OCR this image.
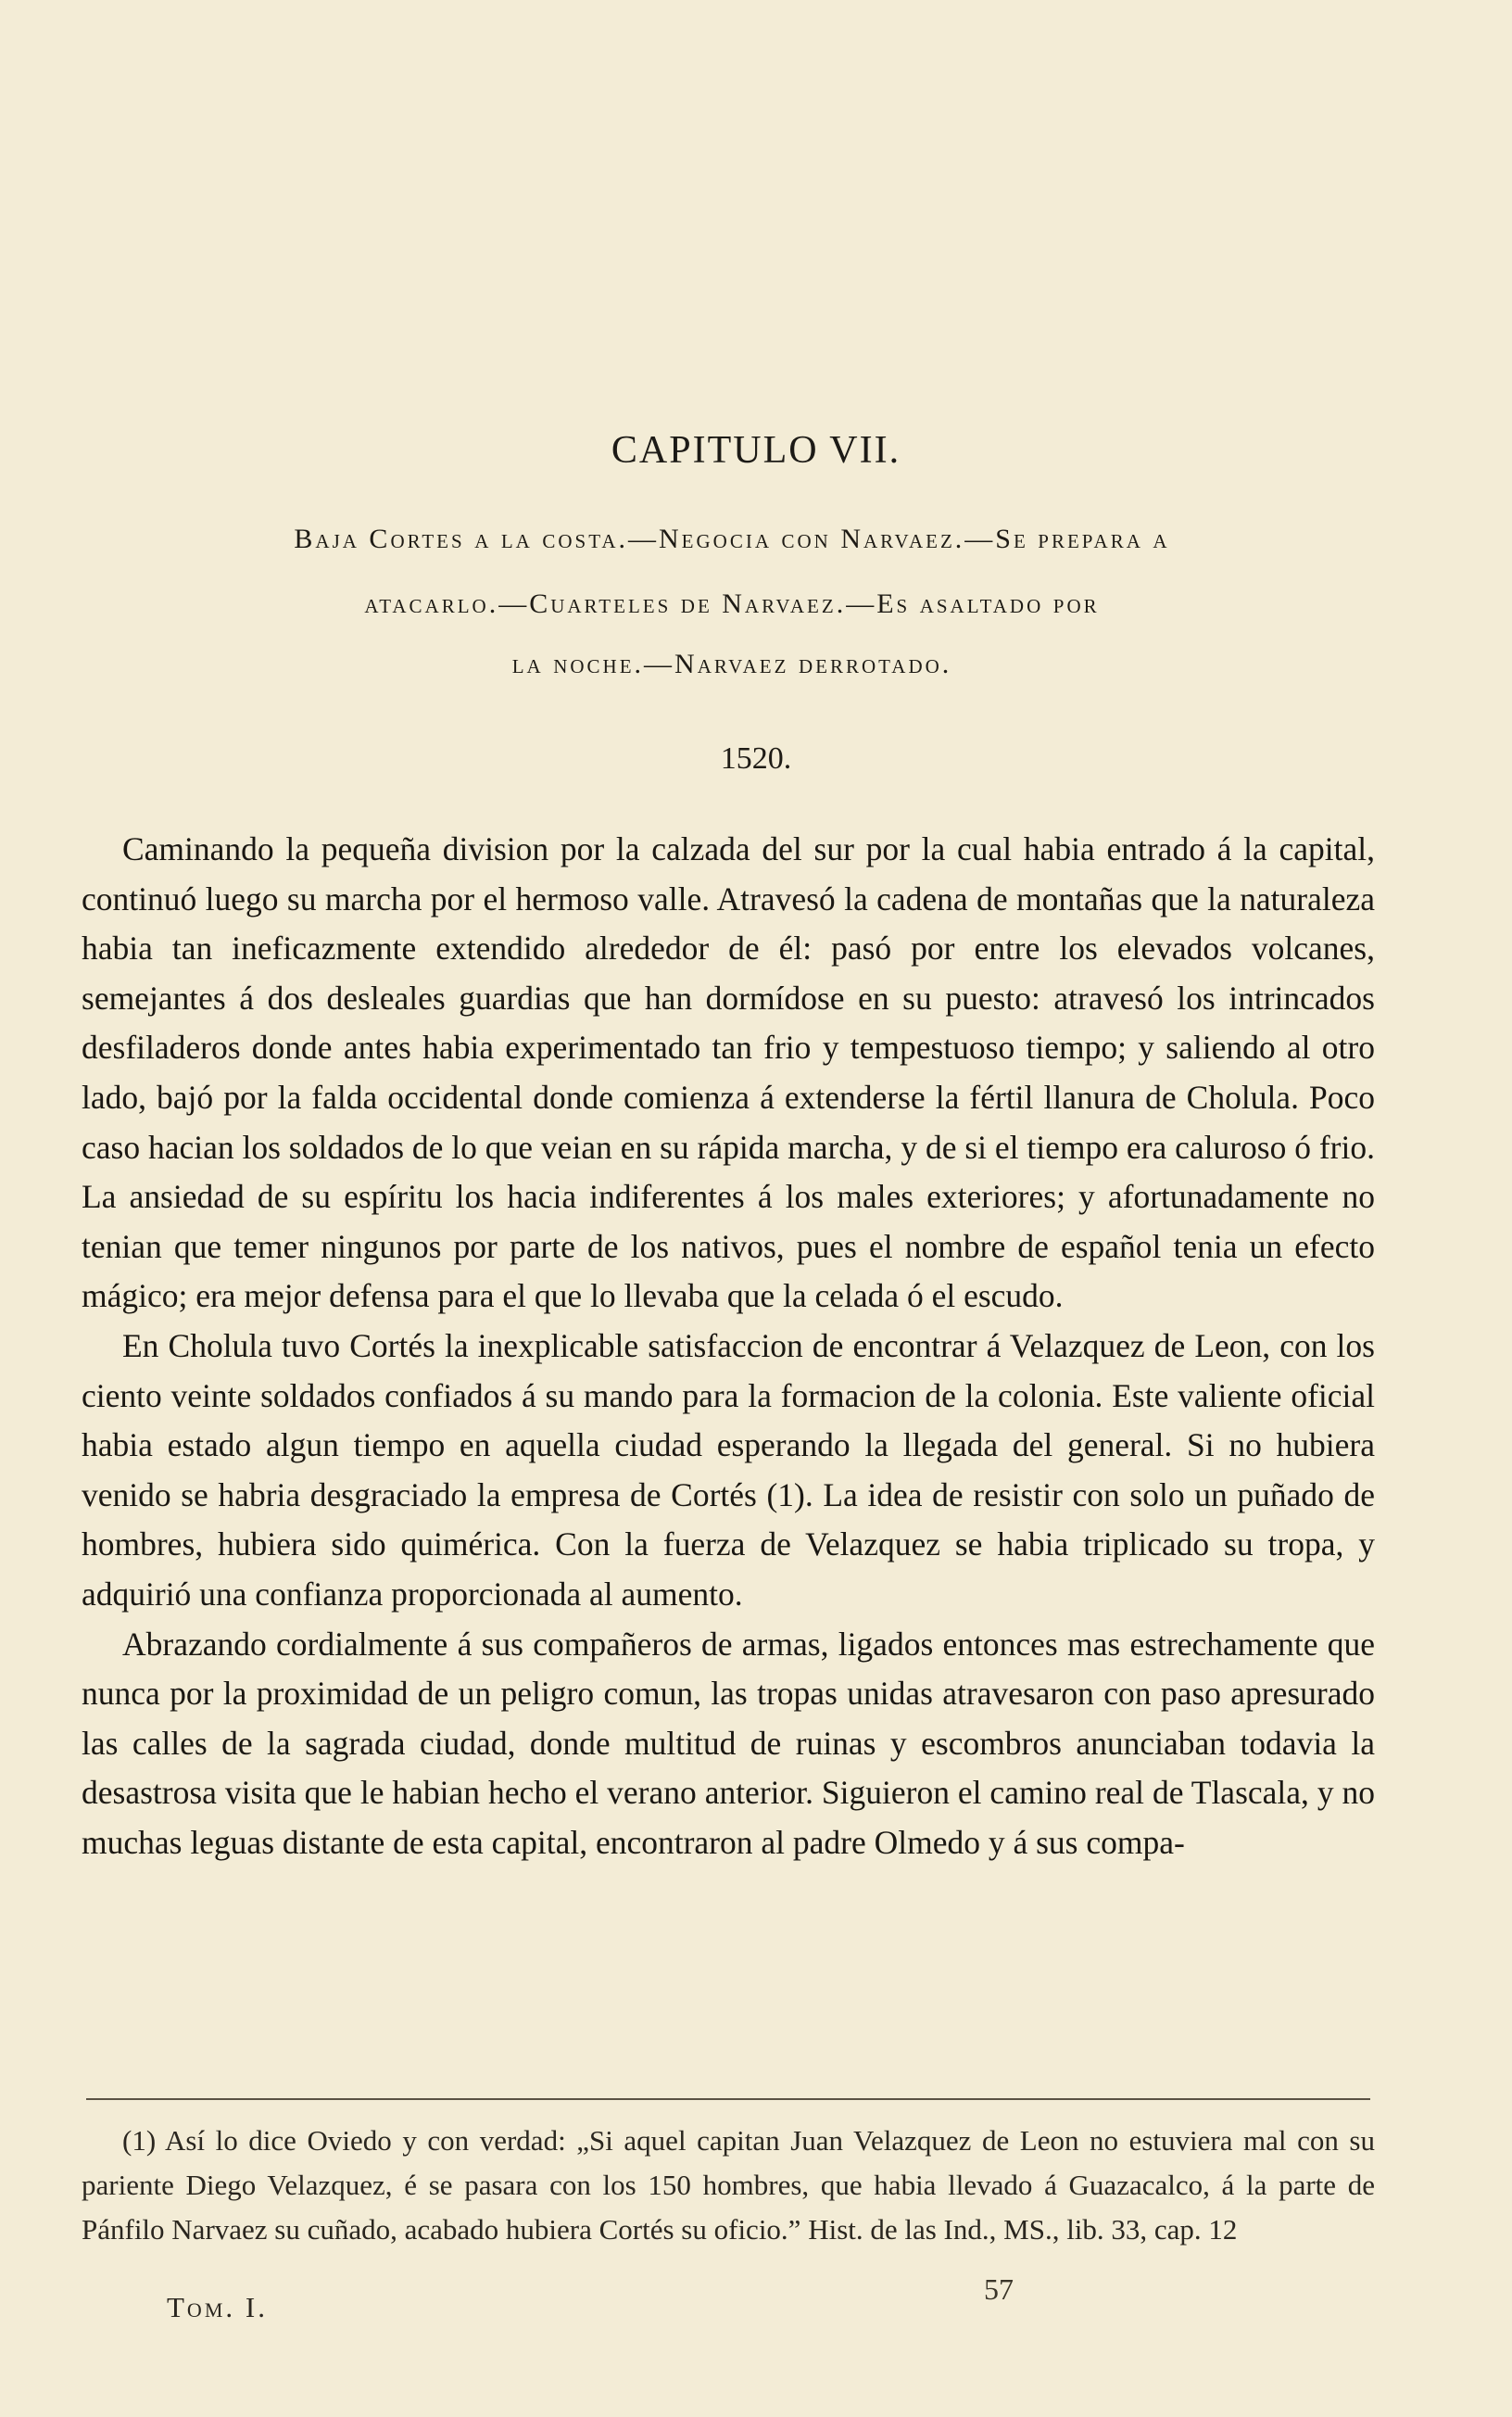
CAPITULO VII.
Baja Cortes a la costa.—Negocia con Narvaez.—Se prepara a
atacarlo.—Cuarteles de Narvaez.—Es asaltado por
la noche.—Narvaez derrotado.
1520.

Caminando la pequeña division por la calzada del sur por la cual habia entrado á la capital, continuó luego su marcha por el hermoso valle. Atravesó la cadena de montañas que la naturaleza habia tan ineficazmente extendido alrededor de él: pasó por entre los elevados volcanes, semejantes á dos desleales guardias que han dormídose en su puesto: atravesó los intrincados desfiladeros donde antes habia experimentado tan frio y tempestuoso tiempo; y saliendo al otro lado, bajó por la falda occidental donde comienza á extenderse la fértil llanura de Cholula. Poco caso hacian los soldados de lo que veian en su rápida marcha, y de si el tiempo era caluroso ó frio. La ansiedad de su espíritu los hacia indiferentes á los males exteriores; y afortunadamente no tenian que temer ningunos por parte de los nativos, pues el nombre de español tenia un efecto mágico; era mejor defensa para el que lo llevaba que la celada ó el escudo.

En Cholula tuvo Cortés la inexplicable satisfaccion de encontrar á Velazquez de Leon, con los ciento veinte soldados confiados á su mando para la formacion de la colonia. Este valiente oficial habia estado algun tiempo en aquella ciudad esperando la llegada del general. Si no hubiera venido se habria desgraciado la empresa de Cortés (1). La idea de resistir con solo un puñado de hombres, hubiera sido quimérica. Con la fuerza de Velazquez se habia triplicado su tropa, y adquirió una confianza proporcionada al aumento.

Abrazando cordialmente á sus compañeros de armas, ligados entonces mas estrechamente que nunca por la proximidad de un peligro comun, las tropas unidas atravesaron con paso apresurado las calles de la sagrada ciudad, donde multitud de ruinas y escombros anunciaban todavia la desastrosa visita que le habian hecho el verano anterior. Siguieron el camino real de Tlascala, y no muchas leguas distante de esta capital, encontraron al padre Olmedo y á sus compa-

(1) Así lo dice Oviedo y con verdad: „Si aquel capitan Juan Velazquez de Leon no estuviera mal con su pariente Diego Velazquez, é se pasara con los 150 hombres, que habia llevado á Guazacalco, á la parte de Pánfilo Narvaez su cuñado, acabado hubiera Cortés su oficio.” Hist. de las Ind., MS., lib. 33, cap. 12

Tom. I.
57
